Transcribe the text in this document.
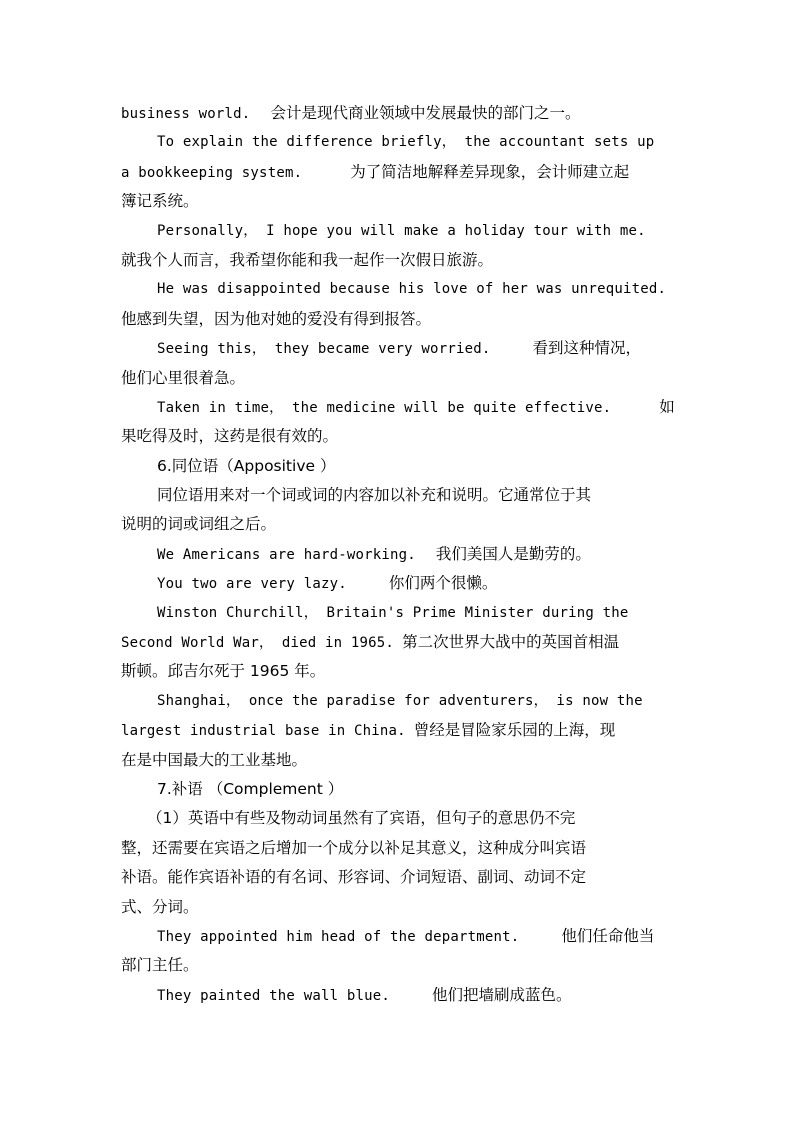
business world. 会计是现代商业领域中发展最快的部门之一。
To explain the difference briefly， the accountant sets up
a bookkeeping system.	为了简洁地解释差异现象，会计师建立起
簿记系统。
Personally， I hope you will make a holiday tour with me.
就我个人而言，我希望你能和我一起作一次假日旅游。
He was disappointed because his love of her was unrequited.
他感到失望，因为他对她的爱没有得到报答。
Seeing this， they became very worried.	看到这种情况，
他们心里很着急。
Taken in time， the medicine will be quite effective.	如
果吃得及时，这药是很有效的。
6.同位语（Appositive ）
同位语用来对一个词或词的内容加以补充和说明。它通常位于其
说明的词或词组之后。
We Americans are hard-working. 我们美国人是勤劳的。
You two are very lazy.	你们两个很懒。
Winston Churchill， Britain's Prime Minister during the
Second World War， died in 1965. 第二次世界大战中的英国首相温
斯顿。邱吉尔死于 1965 年。
Shanghai， once the paradise for adventurers， is now the
largest industrial base in China. 曾经是冒险家乐园的上海，现
在是中国最大的工业基地。
7.补语 （Complement ）
（1）英语中有些及物动词虽然有了宾语，但句子的意思仍不完
整，还需要在宾语之后增加一个成分以补足其意义，这种成分叫宾语
补语。能作宾语补语的有名词、形容词、介词短语、副词、动词不定
式、分词。
They appointed him head of the department.	他们任命他当
部门主任。
They painted the wall blue.	他们把墙刷成蓝色。
